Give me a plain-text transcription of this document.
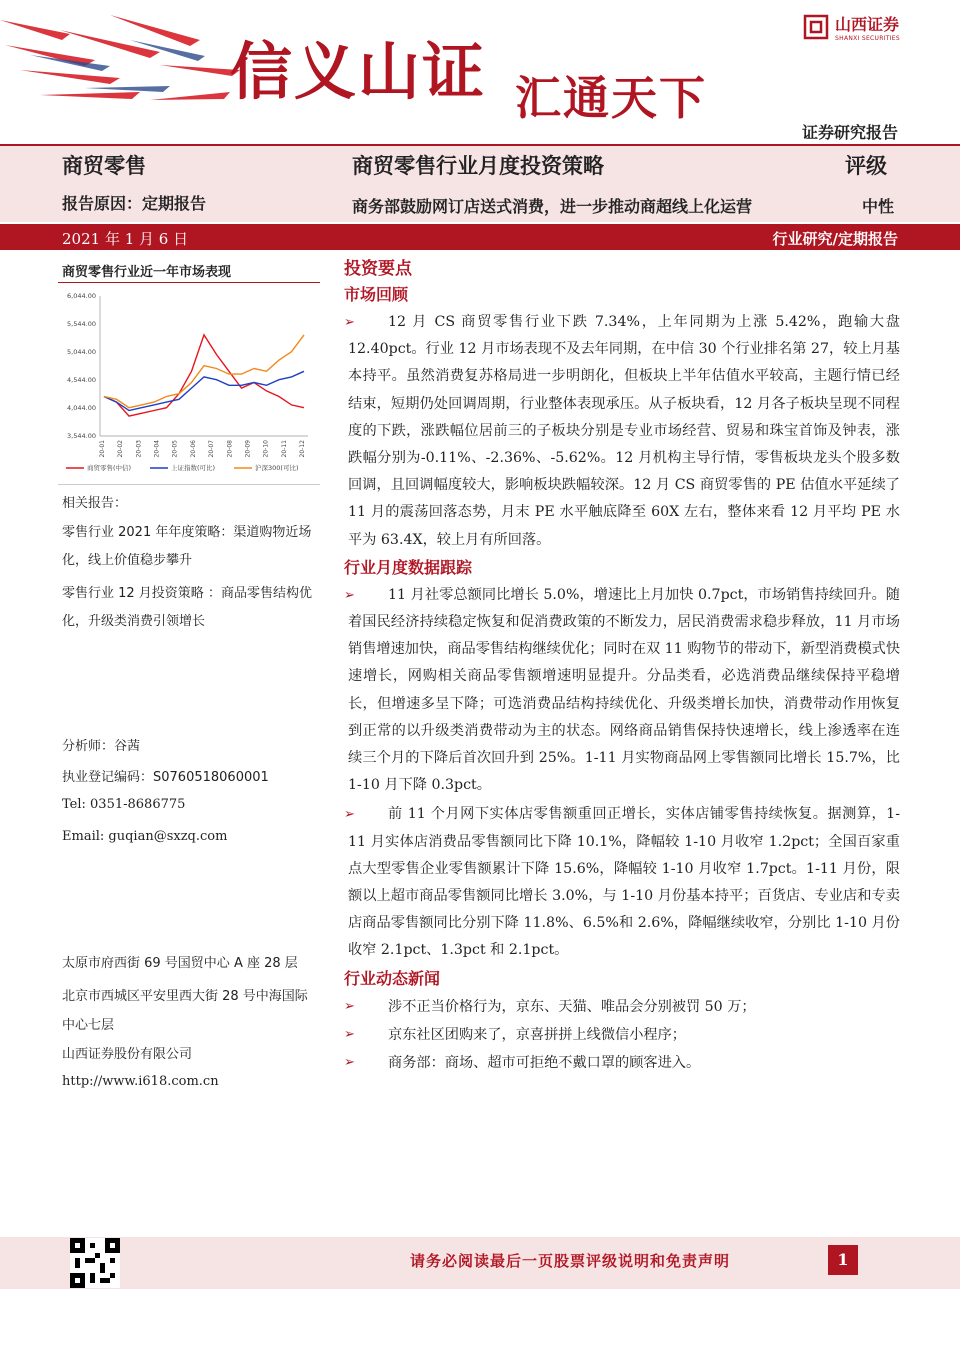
信义山证 汇通天下
山西证券
SHANXI SECURITIES
证券研究报告
商贸零售	商贸零售行业月度投资策略	评级
报告原因：定期报告	商务部鼓励网订店送式消费，进一步推动商超线上化运营	中性
2021 年 1 月 6 日	行业研究/定期报告
商贸零售行业近一年市场表现
3,544.00
4,044.00
4,544.00
5,044.00
5,544.00
6,044.00
20-01 20-02 20-03 20-04 20-05 20-06 20-07 20-08 20-09 20-10 20-11 20-12
商贸零售(中信)	上证指数(可比)	沪深300(可比)
相关报告：
零售行业 2021 年年度策略：渠道购物近场化，线上价值稳步攀升
零售行业 12 月投资策略 ：商品零售结构优化，升级类消费引领增长
分析师：谷茜
执业登记编码：S0760518060001
Tel: 0351-8686775
Email: guqian@sxzq.com
太原市府西街 69 号国贸中心 A 座 28 层
北京市西城区平安里西大街 28 号中海国际中心七层
山西证券股份有限公司
http://www.i618.com.cn
投资要点
市场回顾
➢ 12 月 CS 商贸零售行业下跌 7.34%，上年同期为上涨 5.42%，跑输大盘 12.40pct。行业 12 月市场表现不及去年同期，在中信 30 个行业排名第 27，较上月基本持平。虽然消费复苏格局进一步明朗化，但板块上半年估值水平较高，主题行情已经结束，短期仍处回调周期，行业整体表现承压。从子板块看，12 月各子板块呈现不同程度的下跌，涨跌幅位居前三的子板块分别是专业市场经营、贸易和珠宝首饰及钟表，涨跌幅分别为-0.11%、-2.36%、-5.62%。12 月机构主导行情，零售板块龙头个股多数回调，且回调幅度较大，影响板块跌幅较深。12 月 CS 商贸零售的 PE 估值水平延续了 11 月的震荡回落态势，月末 PE 水平触底降至 60X 左右，整体来看 12 月平均 PE 水平为 63.4X，较上月有所回落。
行业月度数据跟踪
➢ 11 月社零总额同比增长 5.0%，增速比上月加快 0.7pct，市场销售持续回升。随着国民经济持续稳定恢复和促消费政策的不断发力，居民消费需求稳步释放，11 月市场销售增速加快，商品零售结构继续优化；同时在双 11 购物节的带动下，新型消费模式快速增长，网购相关商品零售额增速明显提升。分品类看，必选消费品继续保持平稳增长，但增速多呈下降；可选消费品结构持续优化、升级类增长加快，消费带动作用恢复到正常的以升级类消费带动为主的状态。网络商品销售保持快速增长，线上渗透率在连续三个月的下降后首次回升到 25%。1-11 月实物商品网上零售额同比增长 15.7%，比 1-10 月下降 0.3pct。
➢ 前 11 个月网下实体店零售额重回正增长，实体店铺零售持续恢复。据测算，1-11 月实体店消费品零售额同比下降 10.1%，降幅较 1-10 月收窄 1.2pct；全国百家重点大型零售企业零售额累计下降 15.6%，降幅较 1-10 月收窄 1.7pct。1-11 月份，限额以上超市商品零售额同比增长 3.0%，与 1-10 月份基本持平；百货店、专业店和专卖店商品零售额同比分别下降 11.8%、6.5%和 2.6%，降幅继续收窄，分别比 1-10 月份收窄 2.1pct、1.3pct 和 2.1pct。
行业动态新闻
➢ 涉不正当价格行为，京东、天猫、唯品会分别被罚 50 万；
➢ 京东社区团购来了，京喜拼拼上线微信小程序；
➢ 商务部：商场、超市可拒绝不戴口罩的顾客进入。
请务必阅读最后一页股票评级说明和免责声明	1
